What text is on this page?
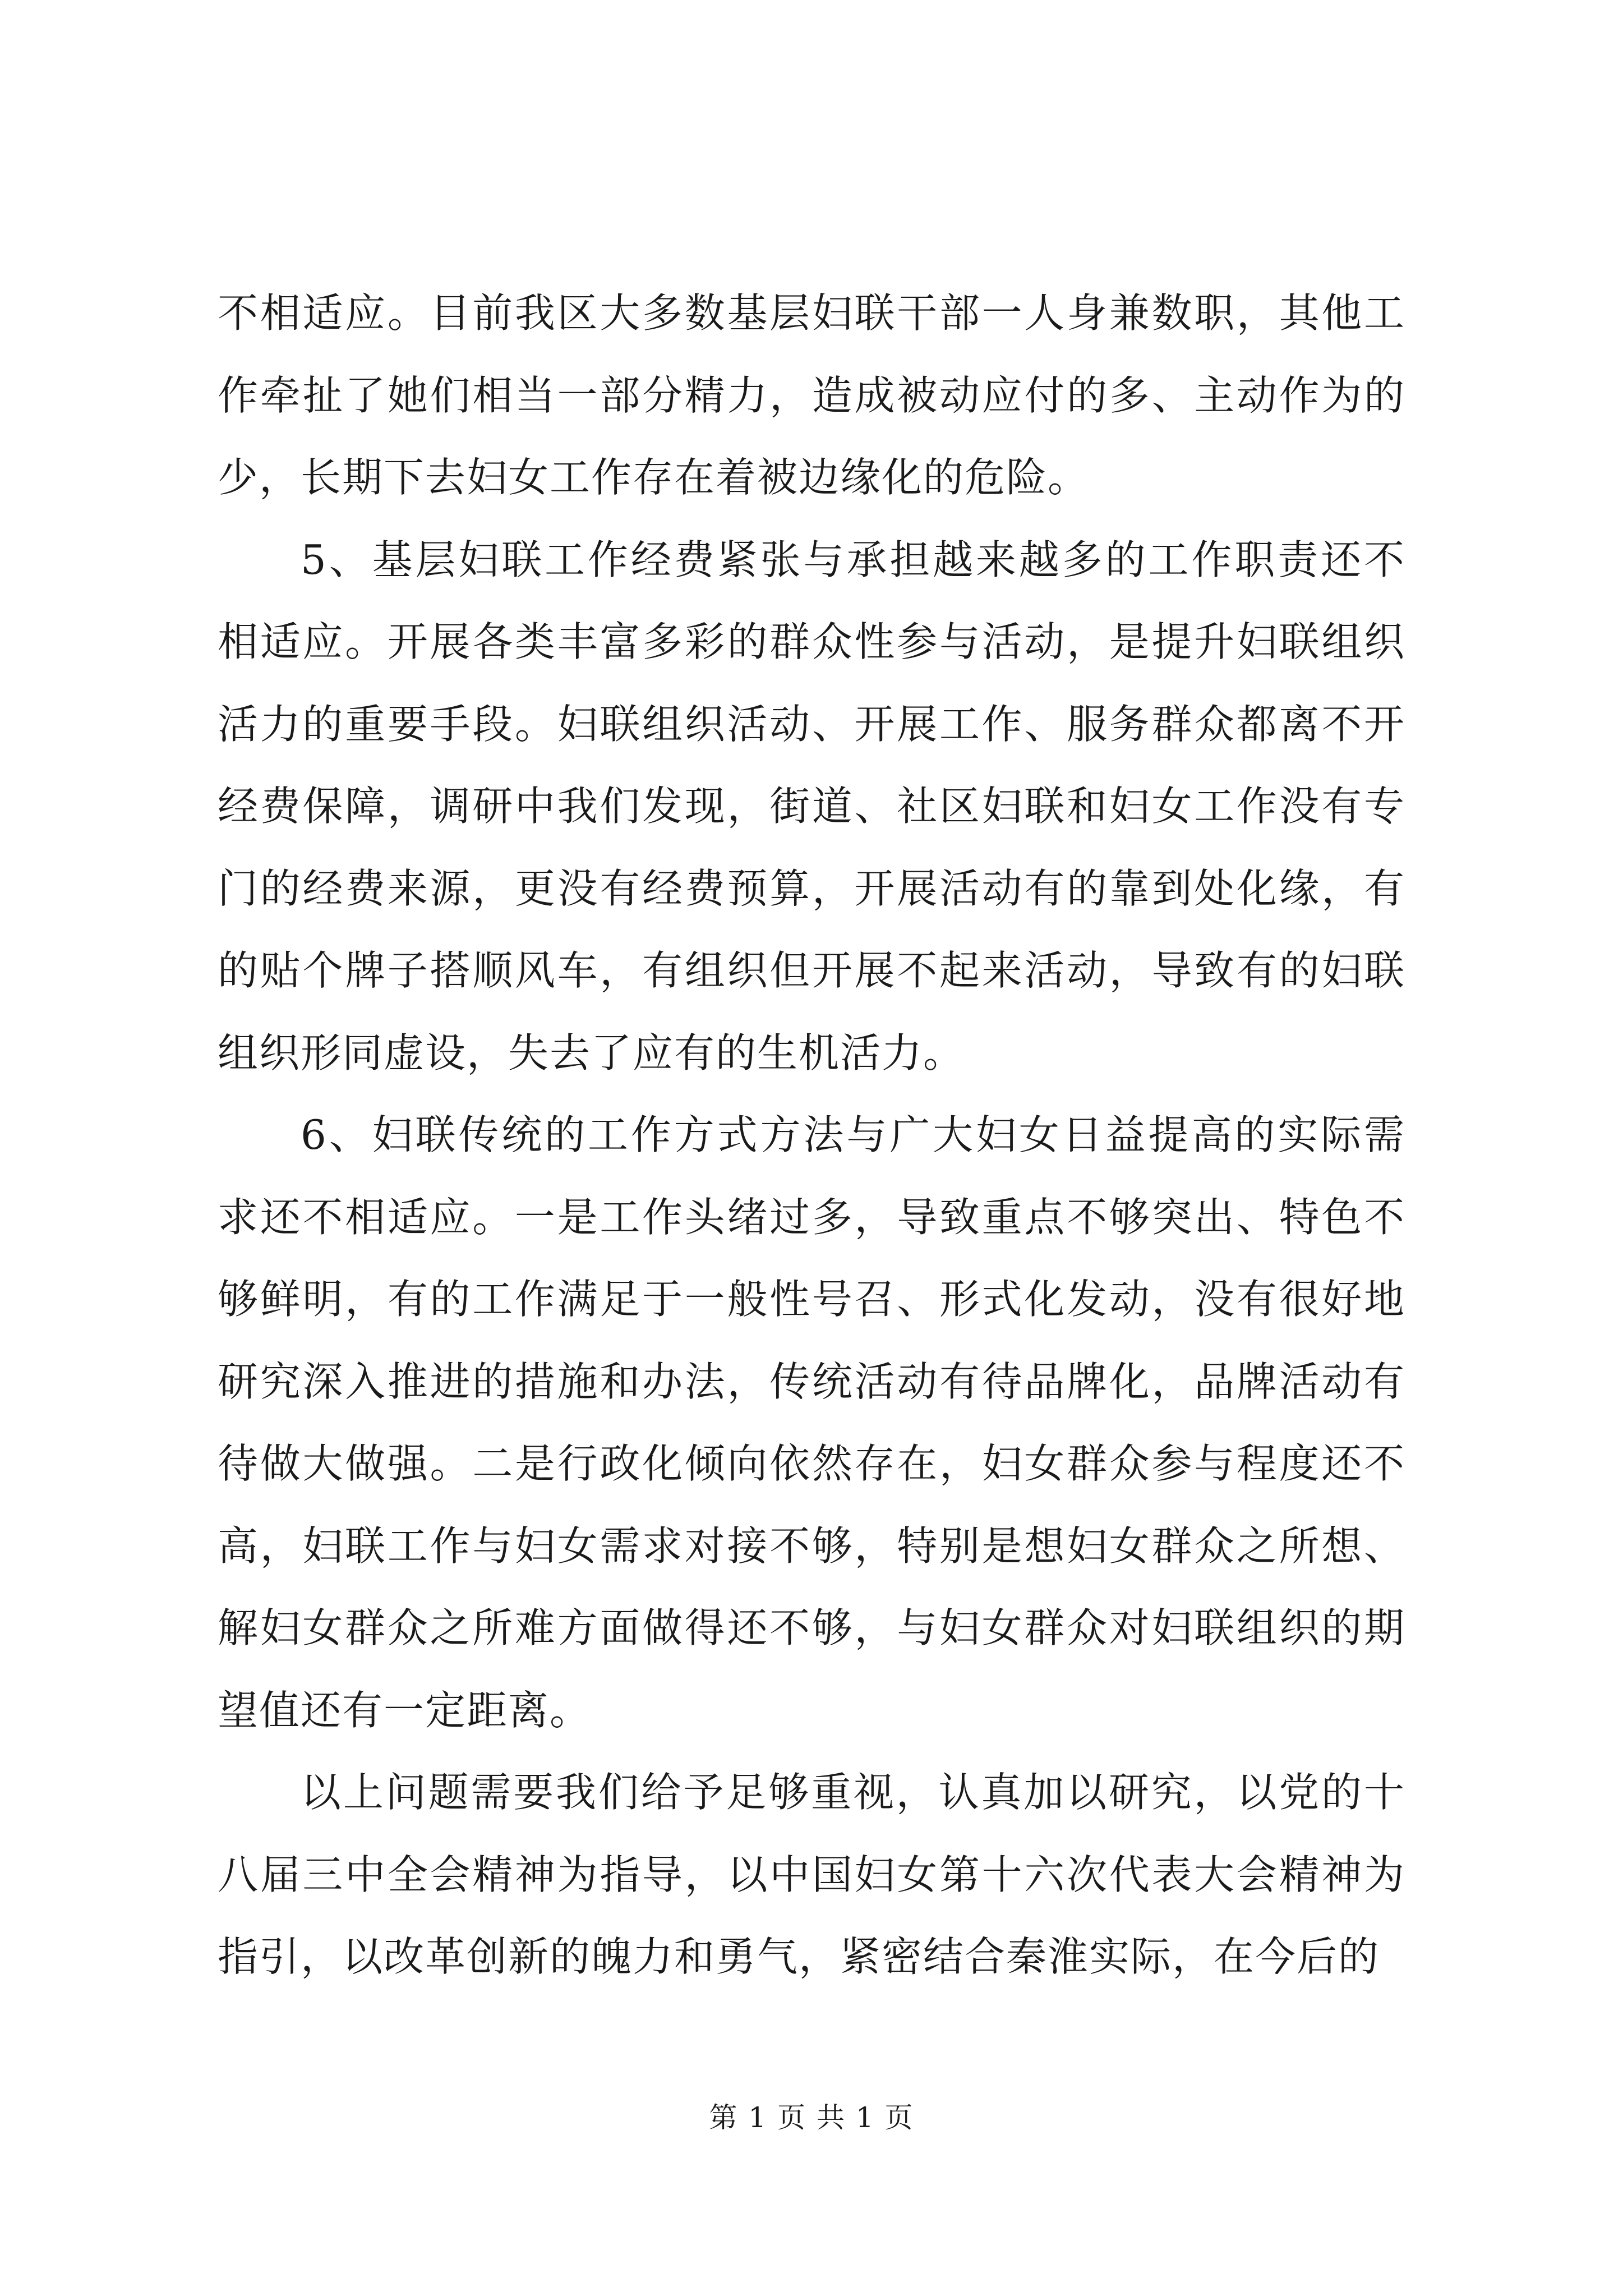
不相适应。目前我区大多数基层妇联干部一人身兼数职，其他工作牵扯了她们相当一部分精力，造成被动应付的多、主动作为的少，长期下去妇女工作存在着被边缘化的危险。

5、基层妇联工作经费紧张与承担越来越多的工作职责还不相适应。开展各类丰富多彩的群众性参与活动，是提升妇联组织活力的重要手段。妇联组织活动、开展工作、服务群众都离不开经费保障，调研中我们发现，街道、社区妇联和妇女工作没有专门的经费来源，更没有经费预算，开展活动有的靠到处化缘，有的贴个牌子搭顺风车，有组织但开展不起来活动，导致有的妇联组织形同虚设，失去了应有的生机活力。

6、妇联传统的工作方式方法与广大妇女日益提高的实际需求还不相适应。一是工作头绪过多，导致重点不够突出、特色不够鲜明，有的工作满足于一般性号召、形式化发动，没有很好地研究深入推进的措施和办法，传统活动有待品牌化，品牌活动有待做大做强。二是行政化倾向依然存在，妇女群众参与程度还不高，妇联工作与妇女需求对接不够，特别是想妇女群众之所想、解妇女群众之所难方面做得还不够，与妇女群众对妇联组织的期望值还有一定距离。

以上问题需要我们给予足够重视，认真加以研究，以党的十八届三中全会精神为指导，以中国妇女第十六次代表大会精神为指引，以改革创新的魄力和勇气，紧密结合秦淮实际，在今后的

第 1 页 共 1 页
